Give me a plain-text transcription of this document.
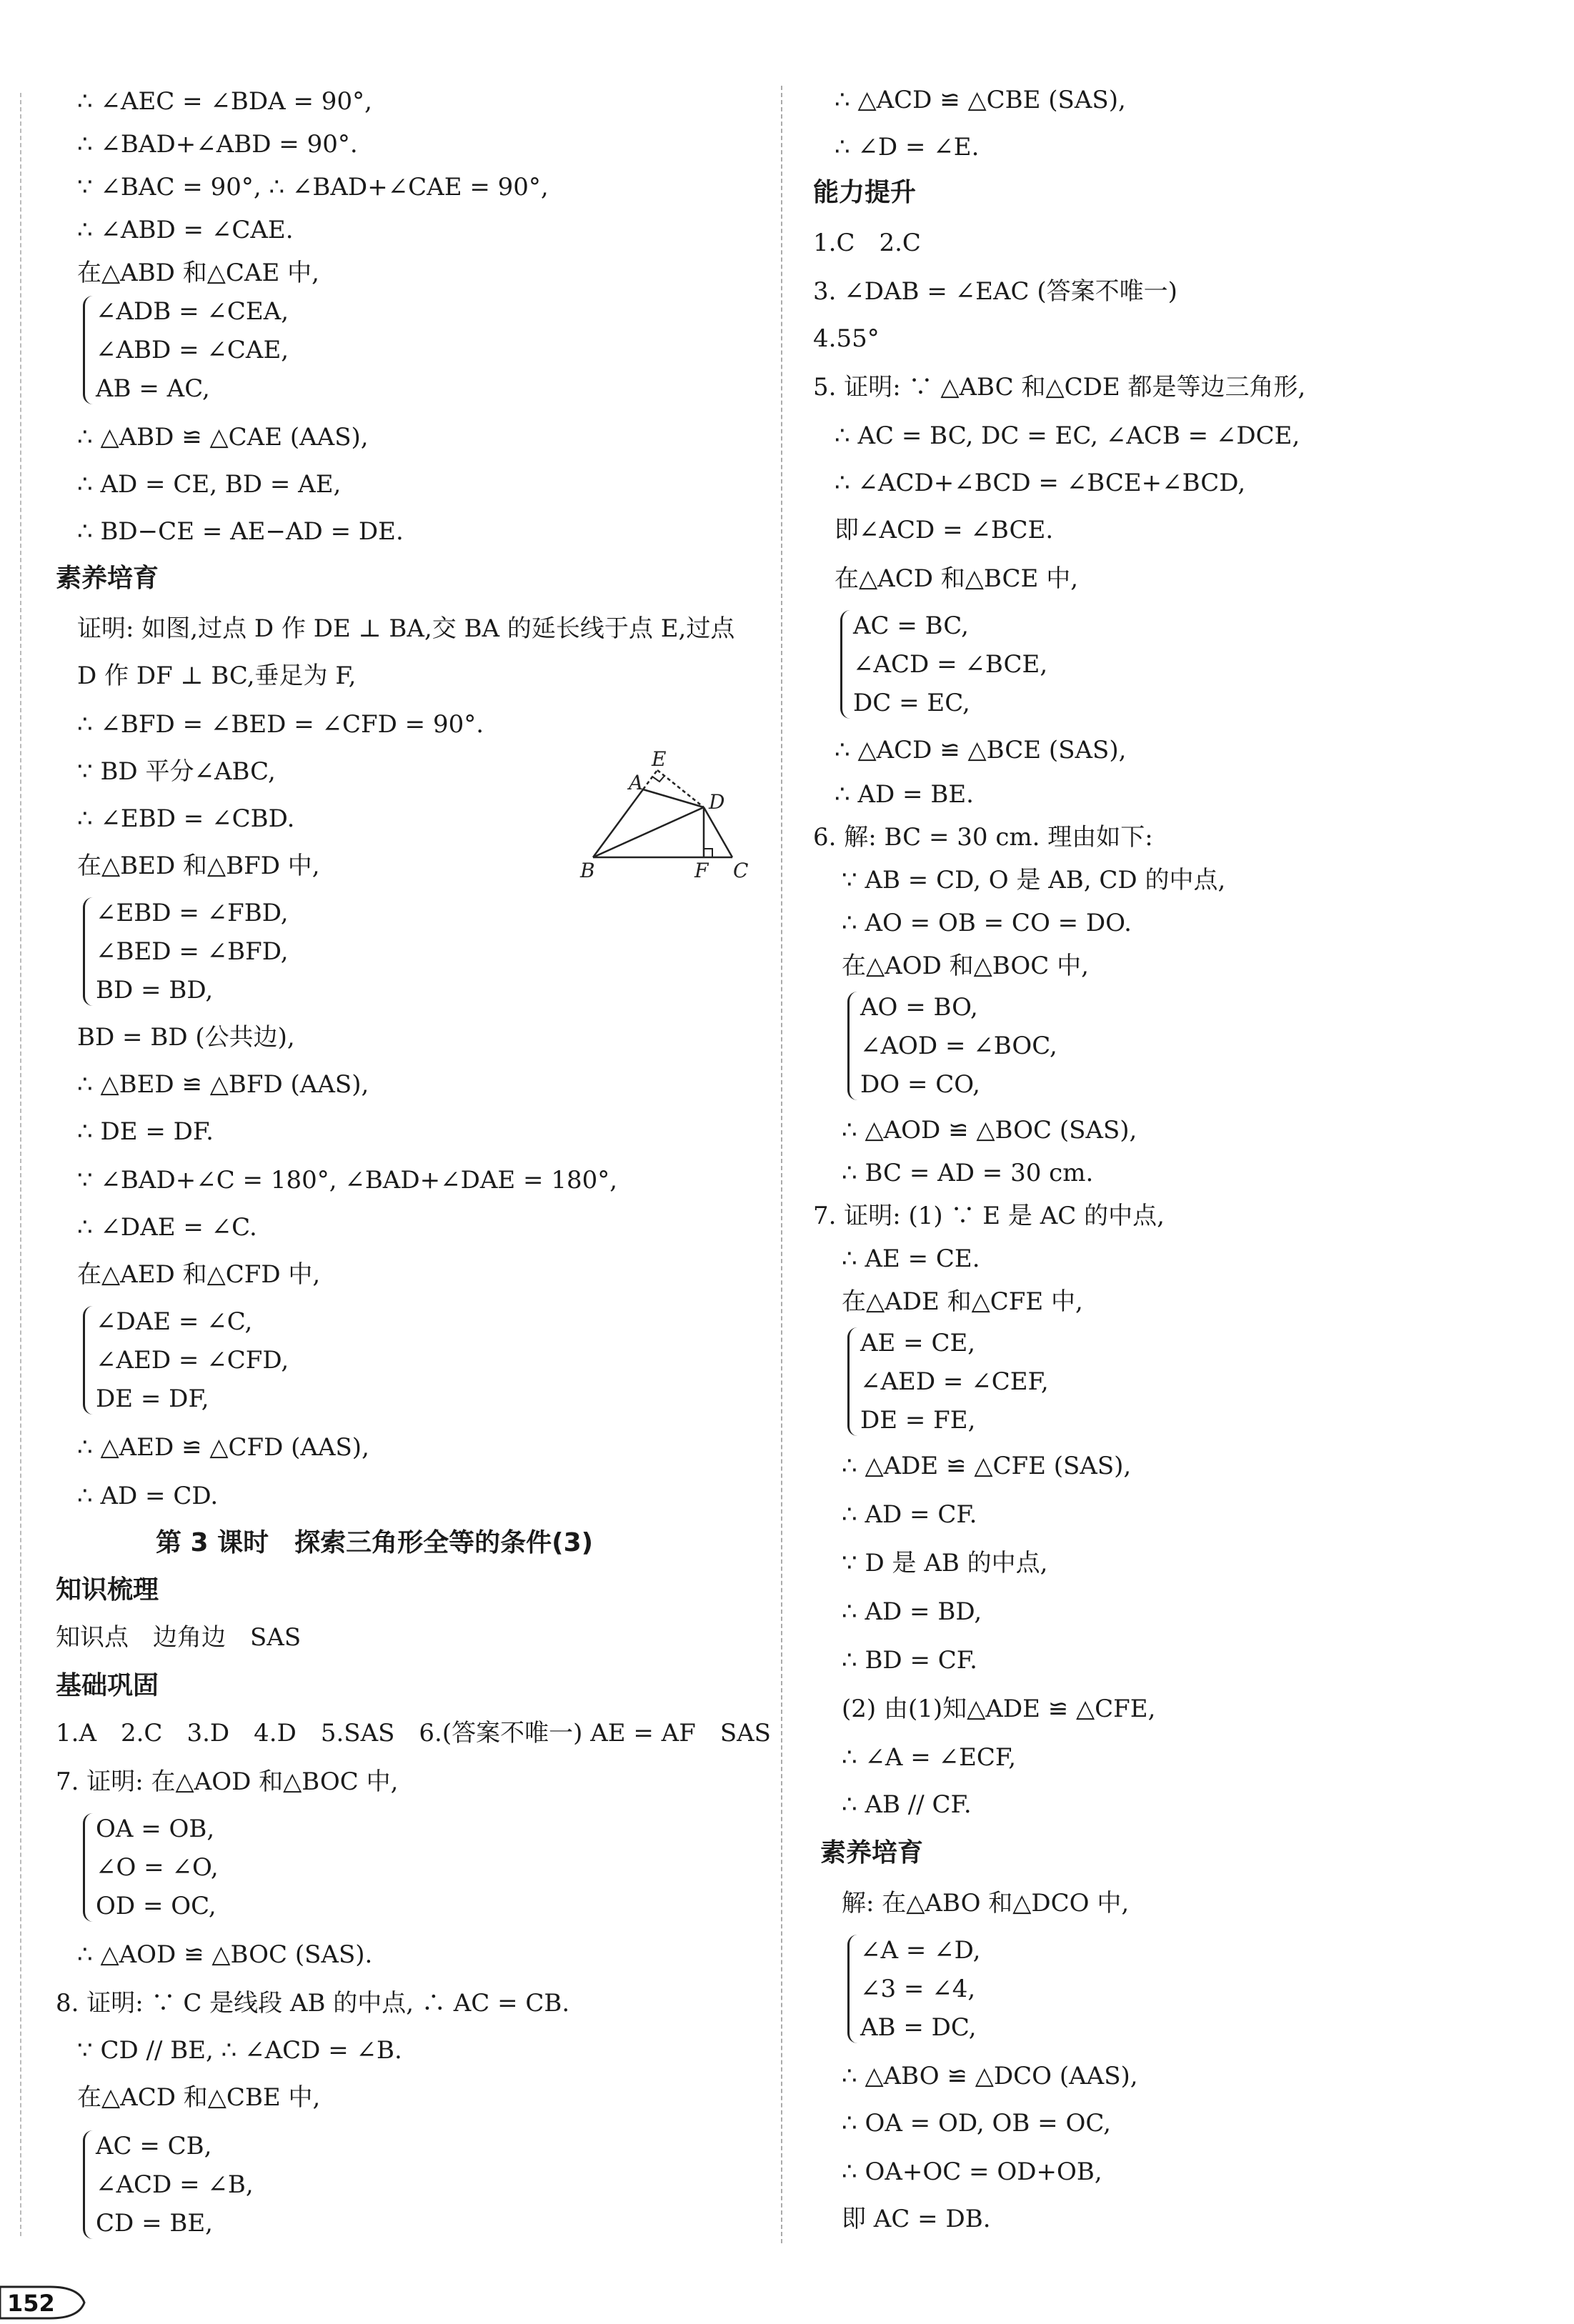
∴ ∠AEC = ∠BDA = 90°,
∴ ∠BAD+∠ABD = 90°.
∵ ∠BAC = 90°, ∴ ∠BAD+∠CAE = 90°,
∴ ∠ABD = ∠CAE.
在△ABD 和△CAE 中,
∠ADB = ∠CEA,
∠ABD = ∠CAE,
AB = AC,
∴ △ABD ≌ △CAE (AAS),
∴ AD = CE, BD = AE,
∴ BD−CE = AE−AD = DE.
素养培育
证明: 如图,过点 D 作 DE ⊥ BA,交 BA 的延长线于点 E,过点
D 作 DF ⊥ BC,垂足为 F,
∴ ∠BFD = ∠BED = ∠CFD = 90°.
∵ BD 平分∠ABC,
∴ ∠EBD = ∠CBD.
在△BED 和△BFD 中,
∠EBD = ∠FBD,
∠BED = ∠BFD,
BD = BD,
BD = BD (公共边),
∴ △BED ≌ △BFD (AAS),
∴ DE = DF.
∵ ∠BAD+∠C = 180°, ∠BAD+∠DAE = 180°,
∴ ∠DAE = ∠C.
在△AED 和△CFD 中,
∠DAE = ∠C,
∠AED = ∠CFD,
DE = DF,
∴ △AED ≌ △CFD (AAS),
∴ AD = CD.
第 3 课时　探索三角形全等的条件(3)
知识梳理
知识点　边角边　SAS
基础巩固
1.A　2.C　3.D　4.D　5.SAS　6.(答案不唯一) AE = AF　SAS
7. 证明: 在△AOD 和△BOC 中,
OA = OB,
∠O = ∠O,
OD = OC,
∴ △AOD ≌ △BOC (SAS).
8. 证明: ∵ C 是线段 AB 的中点, ∴ AC = CB.
∵ CD // BE, ∴ ∠ACD = ∠B.
在△ACD 和△CBE 中,
AC = CB,
∠ACD = ∠B,
CD = BE,
E
A
D
B	F C
∴ △ACD ≌ △CBE (SAS),
∴ ∠D = ∠E.
能力提升
1.C　2.C
3. ∠DAB = ∠EAC (答案不唯一)
4.55°
5. 证明: ∵ △ABC 和△CDE 都是等边三角形,
∴ AC = BC, DC = EC, ∠ACB = ∠DCE,
∴ ∠ACD+∠BCD = ∠BCE+∠BCD,
即∠ACD = ∠BCE.
在△ACD 和△BCE 中,
AC = BC,
∠ACD = ∠BCE,
DC = EC,
∴ △ACD ≌ △BCE (SAS),
∴ AD = BE.
6. 解: BC = 30 cm. 理由如下:
∵ AB = CD, O 是 AB, CD 的中点,
∴ AO = OB = CO = DO.
在△AOD 和△BOC 中,
AO = BO,
∠AOD = ∠BOC,
DO = CO,
∴ △AOD ≌ △BOC (SAS),
∴ BC = AD = 30 cm.
7. 证明: (1) ∵ E 是 AC 的中点,
∴ AE = CE.
在△ADE 和△CFE 中,
AE = CE,
∠AED = ∠CEF,
DE = FE,
∴ △ADE ≌ △CFE (SAS),
∴ AD = CF.
∵ D 是 AB 的中点,
∴ AD = BD,
∴ BD = CF.
(2) 由(1)知△ADE ≌ △CFE,
∴ ∠A = ∠ECF,
∴ AB // CF.
素养培育
解: 在△ABO 和△DCO 中,
∠A = ∠D,
∠3 = ∠4,
AB = DC,
∴ △ABO ≌ △DCO (AAS),
∴ OA = OD, OB = OC,
∴ OA+OC = OD+OB,
即 AC = DB.
152
